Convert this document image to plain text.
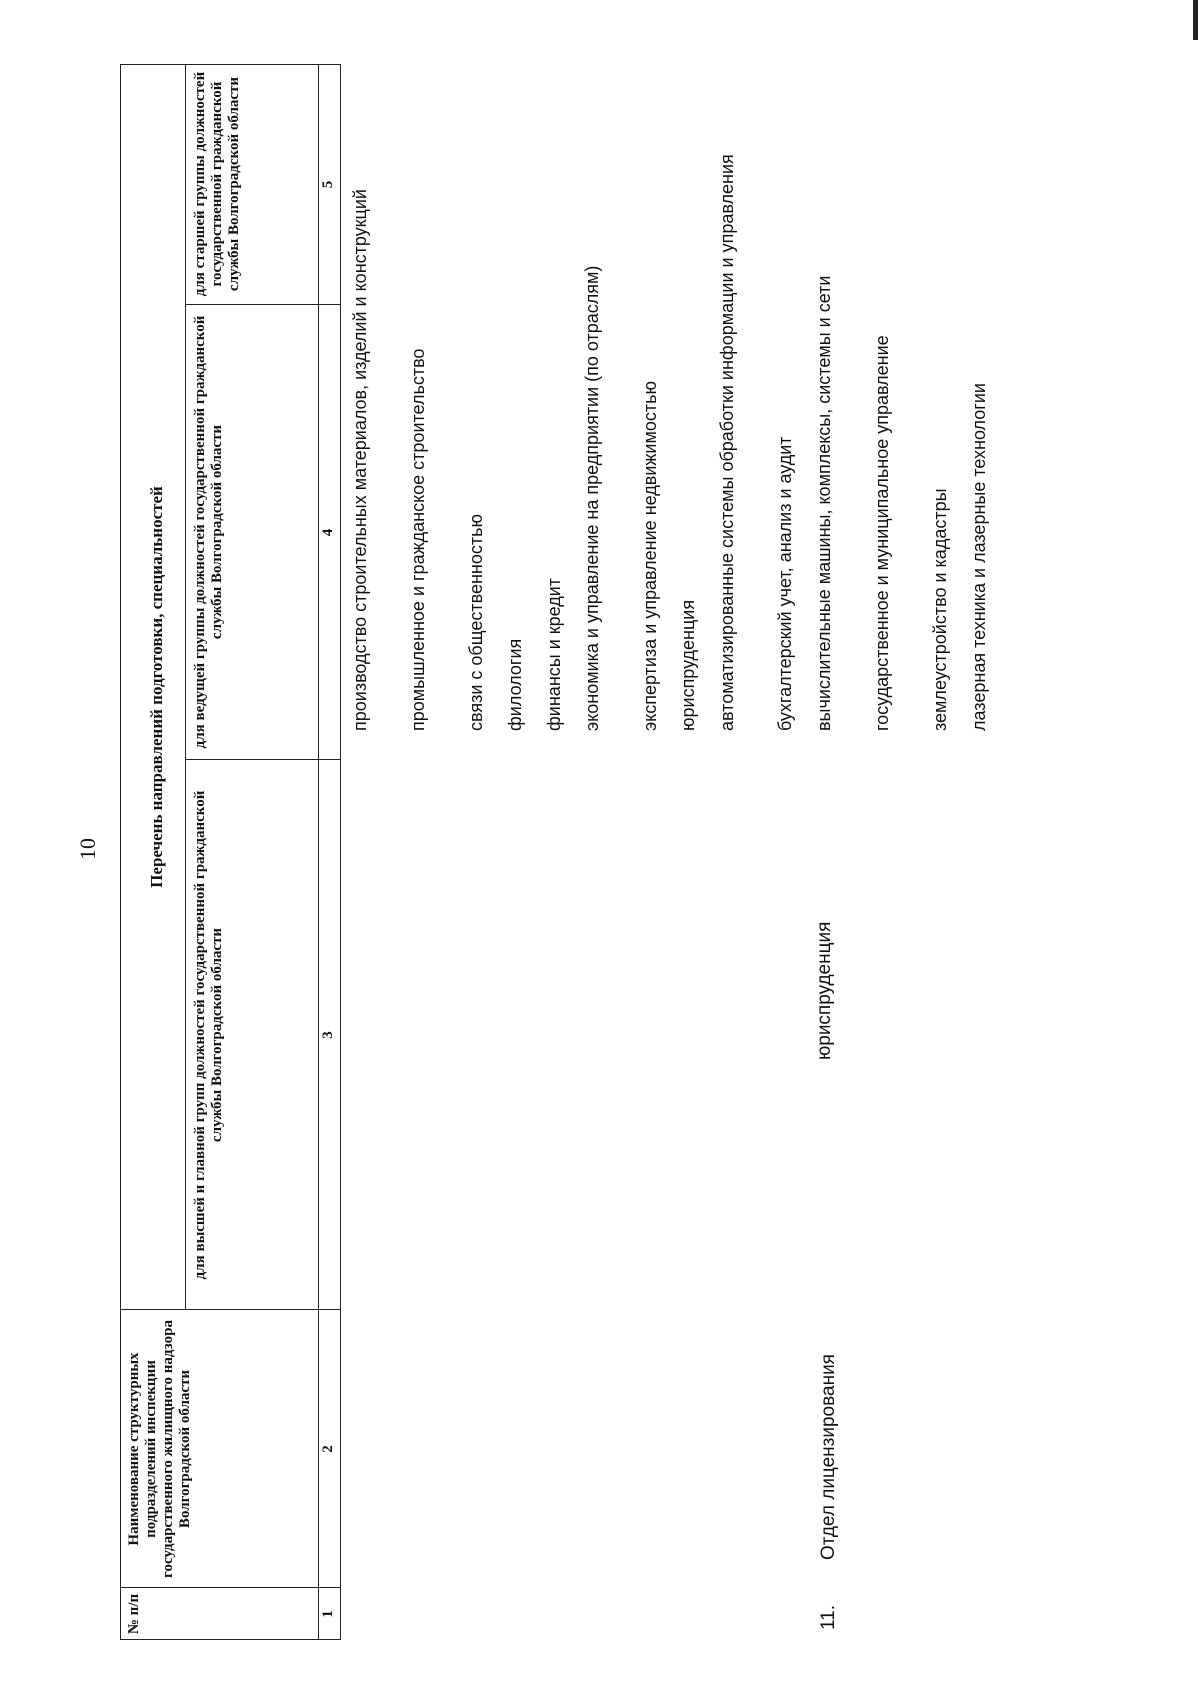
10
№ п/п
Наименование структурных подразделений инспекции государственного жилищного надзора Волгоградской области
Перечень направлений подготовки, специальностей
для высшей и главной групп должностей государственной гражданской службы Волгоградской области
для ведущей группы должностей государственной гражданской службы Волгоградской области
для старшей группы должностей государственной гражданской службы Волгоградской области
1
2
3
4
5
11.
Отдел лицензирования
юриспруденция
производство строительных материалов, изделий и конструкций промышленное и гражданское строительство связи с общественностью филология финансы и кредит экономика и управление на предприятии (по отраслям) экспертиза и управление недвижимостью юриспруденция автоматизированные системы обработки информации и управления бухгалтерский учет, анализ и аудит вычислительные машины, комплексы, системы и сети государственное и муниципальное управление землеустройство и кадастры лазерная техника и лазерные технологии
